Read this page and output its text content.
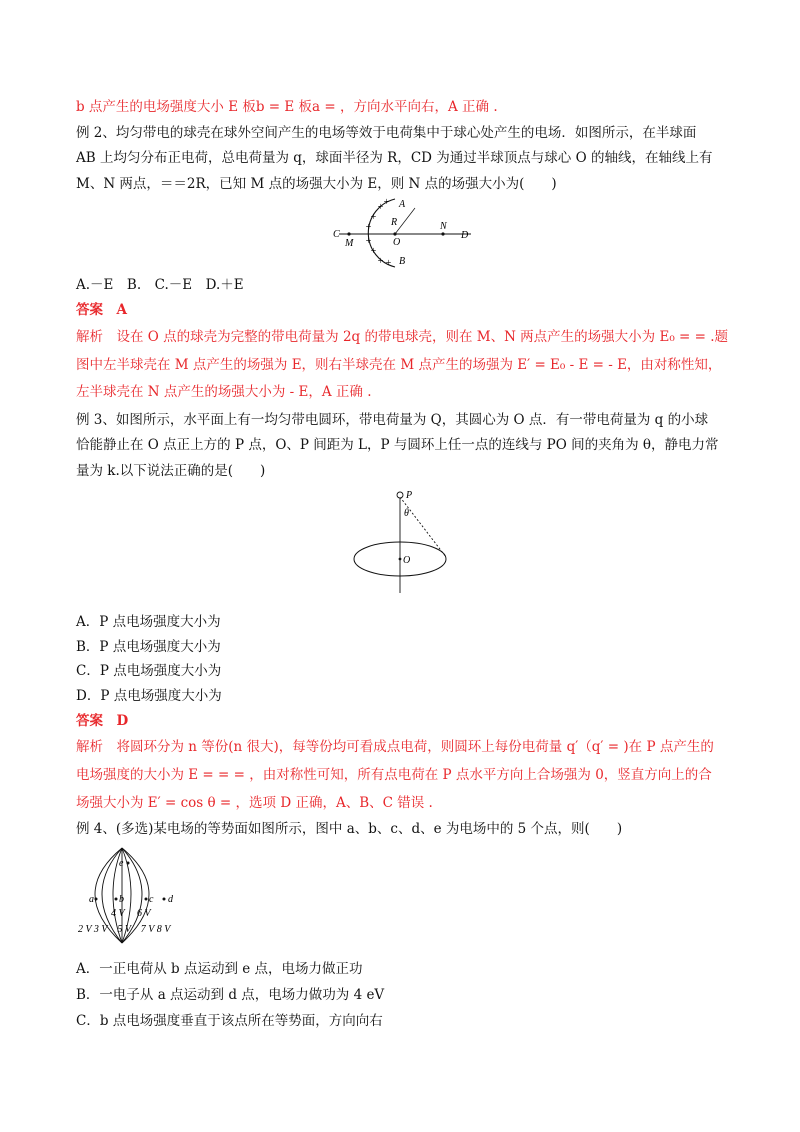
b 点产生的电场强度大小 E 板b = E 板a = ，方向水平向右，A 正确 .
例 2、均匀带电的球壳在球外空间产生的电场等效于电荷集中于球心处产生的电场．如图所示，在半球面
AB 上均匀分布正电荷，总电荷量为 q，球面半径为 R，CD 为通过半球顶点与球心 O 的轴线，在轴线上有
M、N 两点，＝＝2R，已知 M 点的场强大小为 E，则 N 点的场强大小为(　　)
+
+
+
+
+
+
+
+
A
R
B
C
M	O
N
D
A.－E　B.　C.－E　D.＋E
答案　A
解析　设在 O 点的球壳为完整的带电荷量为 2q 的带电球壳，则在 M、N 两点产生的场强大小为 E₀ = = .题
图中左半球壳在 M 点产生的场强为 E，则右半球壳在 M 点产生的场强为 E′ = E₀ - E = - E，由对称性知，
左半球壳在 N 点产生的场强大小为 - E，A 正确 .
例 3、如图所示，水平面上有一均匀带电圆环，带电荷量为 Q，其圆心为 O 点．有一带电荷量为 q 的小球
恰能静止在 O 点正上方的 P 点，O、P 间距为 L，P 与圆环上任一点的连线与 PO 间的夹角为 θ，静电力常
量为 k.以下说法正确的是(　　)
P
θ
O
A．P 点电场强度大小为
B．P 点电场强度大小为
C．P 点电场强度大小为
D．P 点电场强度大小为
答案　D
解析　将圆环分为 n 等份(n 很大)，每等份均可看成点电荷，则圆环上每份电荷量 q′（q′ = )在 P 点产生的
电场强度的大小为 E = = = ，由对称性可知，所有点电荷在 P 点水平方向上合场强为 0，竖直方向上的合
场强大小为 E′ = cos θ = ，选项 D 正确，A、B、C 错误 .
例 4、(多选)某电场的等势面如图所示，图中 a、b、c、d、e 为电场中的 5 个点，则(　　)
e
a	b	c d
4 V 6 V
2 V 3 V　5 V　7 V 8 V
A．一正电荷从 b 点运动到 e 点，电场力做正功
B．一电子从 a 点运动到 d 点，电场力做功为 4 eV
C．b 点电场强度垂直于该点所在等势面，方向向右
